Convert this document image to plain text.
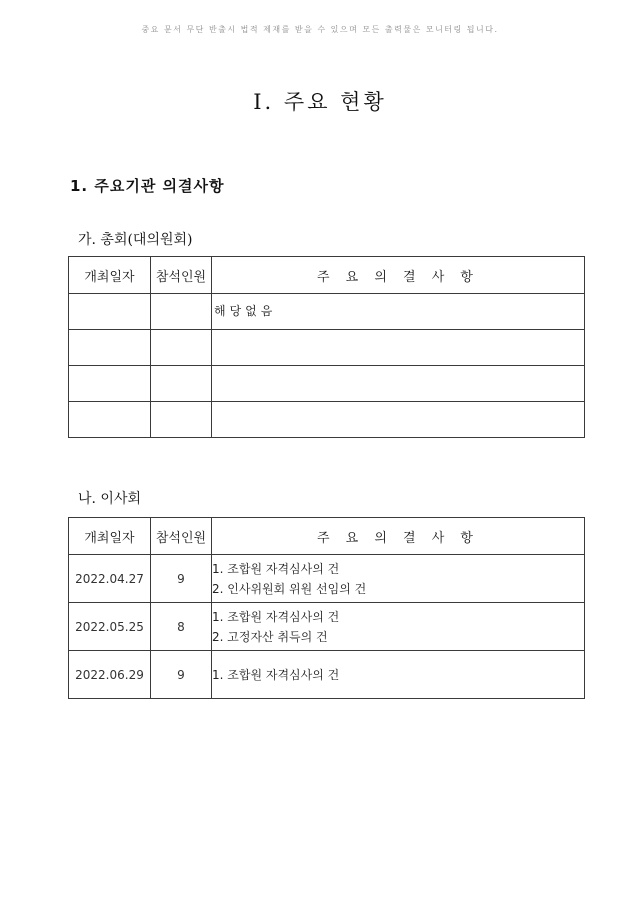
중요 문서 무단 반출시 법적 제재를 받을 수 있으며 모든 출력물은 모니터링 됩니다.
Ⅰ. 주요 현황
1. 주요기관 의결사항
가. 총회(대의원회)
개최일자	참석인원	주 요 의 결 사 항
		해당없음

나. 이사회
개최일자	참석인원	주 요 의 결 사 항
2022.04.27	9	1. 조합원 자격심사의 건
2. 인사위원회 위원 선임의 건

2022.05.25	8	1. 조합원 자격심사의 건
2. 고정자산 취득의 건

2022.06.29	9	1. 조합원 자격심사의 건
